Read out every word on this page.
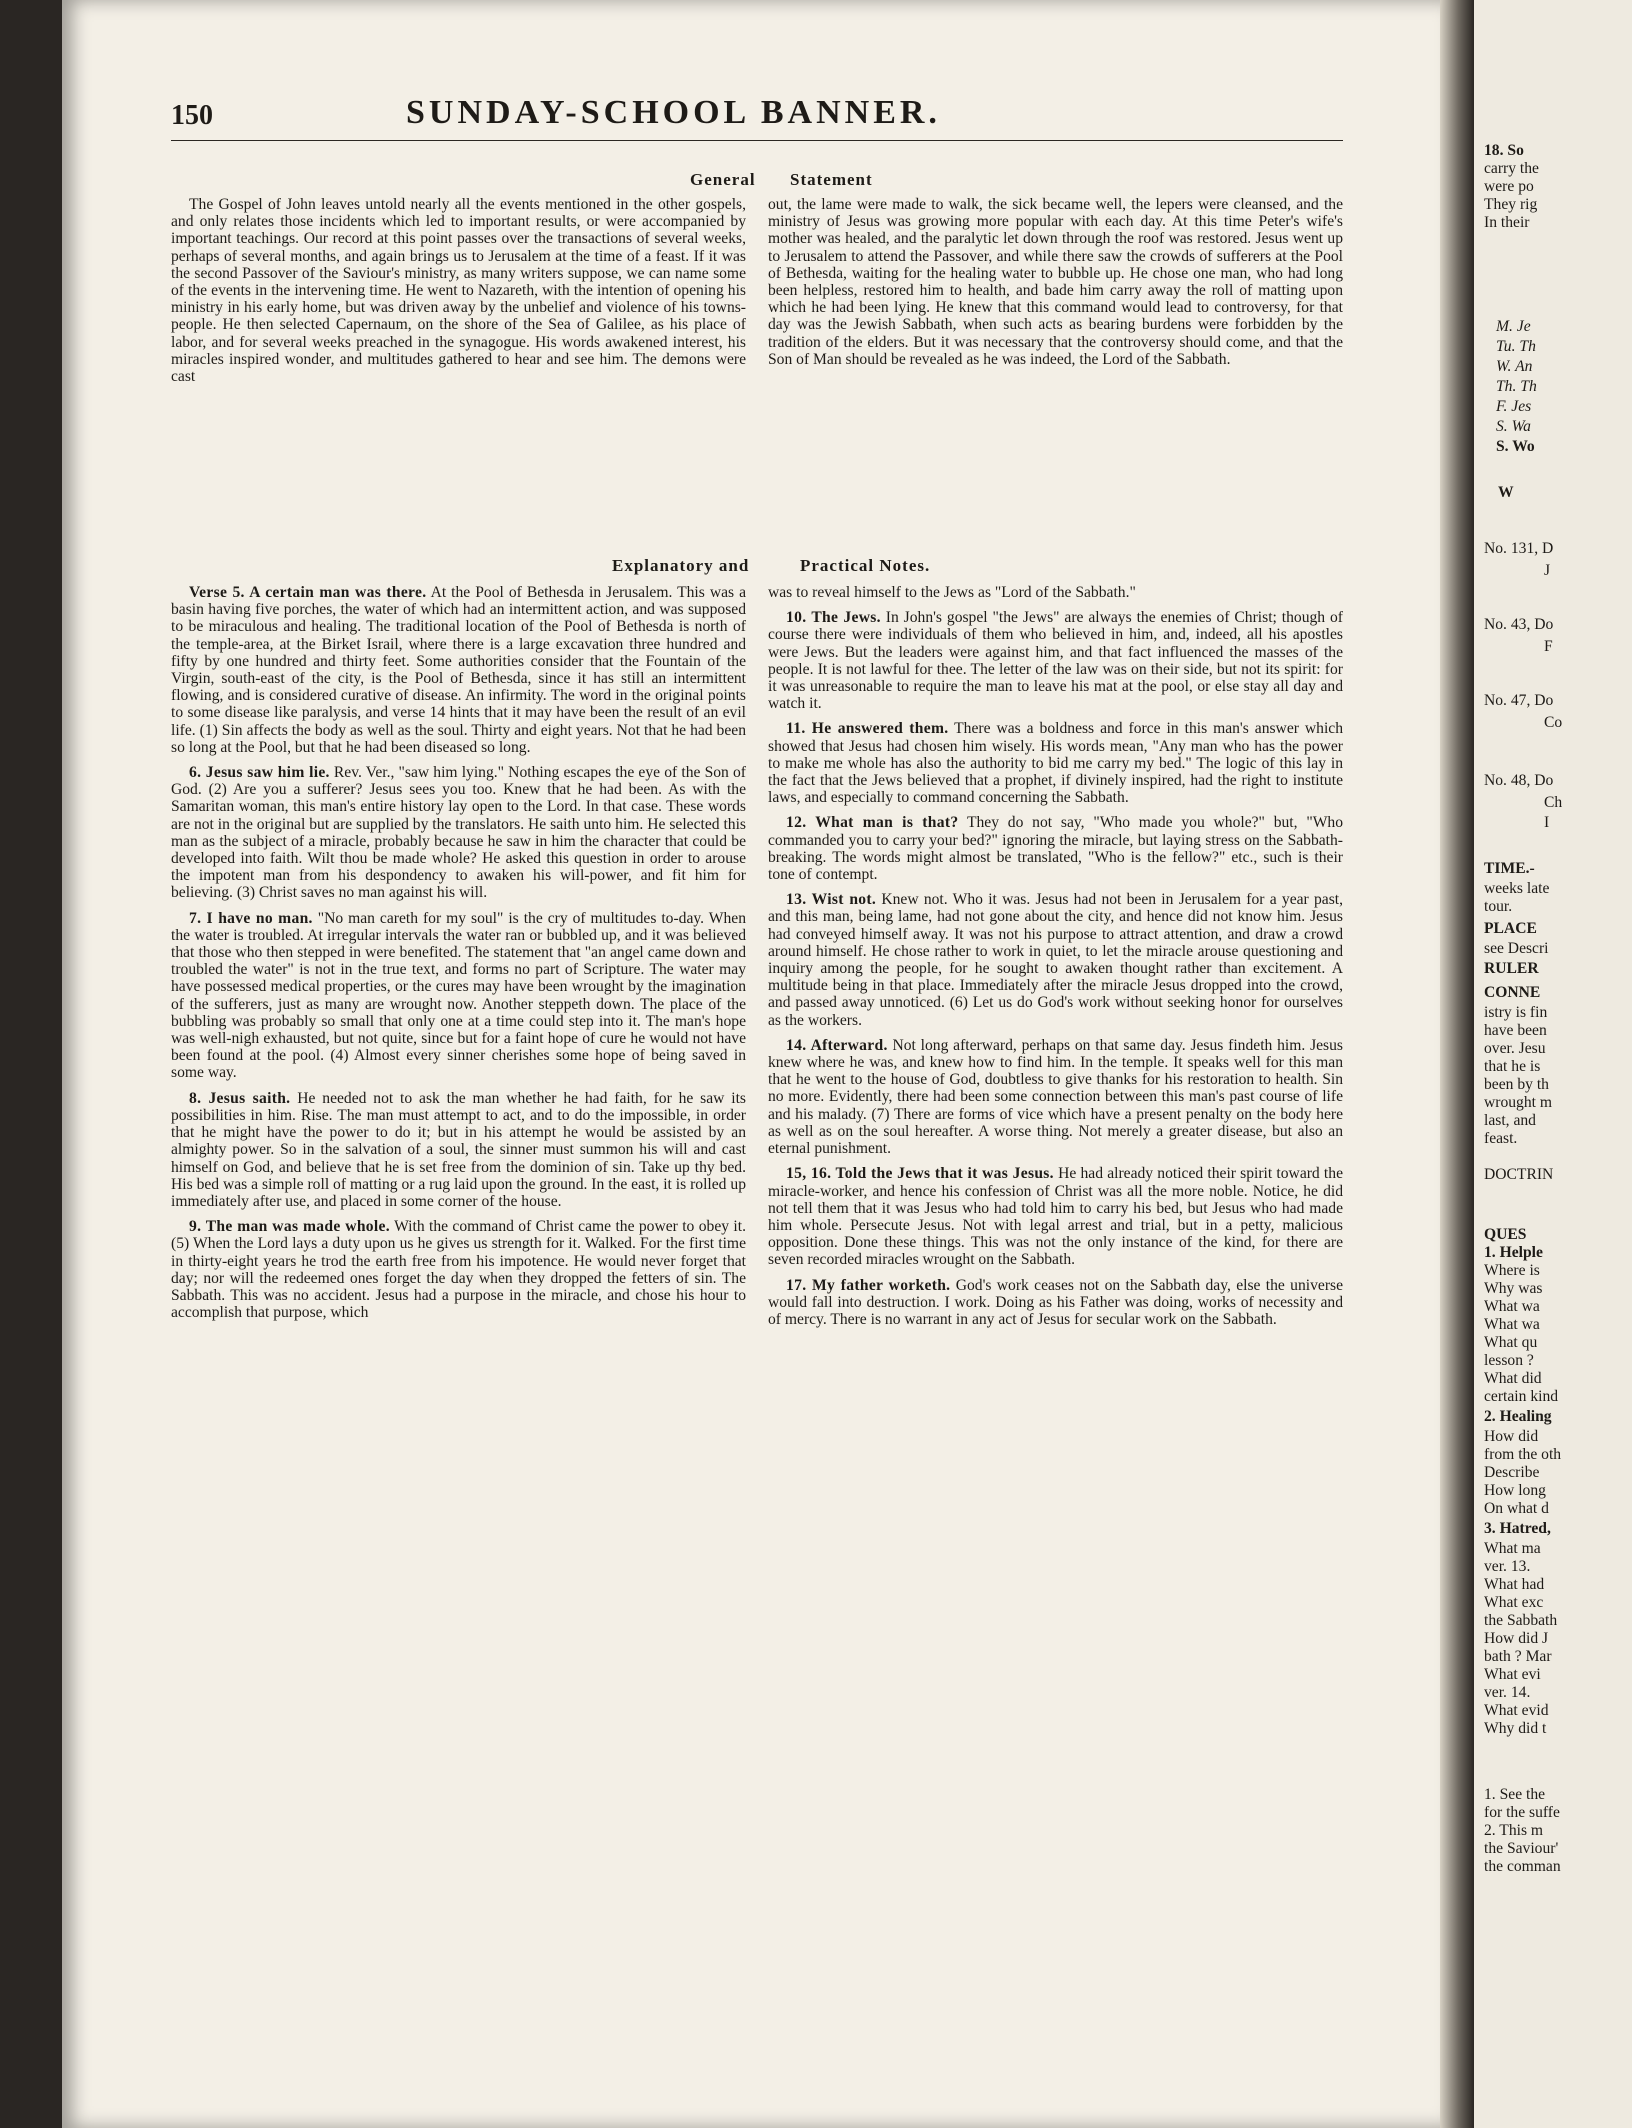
150	SUNDAY-SCHOOL BANNER.
General Statement

The Gospel of John leaves untold nearly all the events mentioned in the other gospels, and only relates those incidents which led to important results, or were accompanied by important teachings. Our record at this point passes over the transactions of several weeks, perhaps of several months, and again brings us to Jerusalem at the time of a feast. If it was the second Passover of the Saviour's ministry, as many writers suppose, we can name some of the events in the intervening time. He went to Nazareth, with the intention of opening his ministry in his early home, but was driven away by the unbelief and violence of his towns-people. He then selected Capernaum, on the shore of the Sea of Galilee, as his place of labor, and for several weeks preached in the synagogue. His words awakened interest, his miracles inspired wonder, and multitudes gathered to hear and see him. The demons were cast

out, the lame were made to walk, the sick became well, the lepers were cleansed, and the ministry of Jesus was growing more popular with each day. At this time Peter's wife's mother was healed, and the paralytic let down through the roof was restored. Jesus went up to Jerusalem to attend the Passover, and while there saw the crowds of sufferers at the Pool of Bethesda, waiting for the healing water to bubble up. He chose one man, who had long been helpless, restored him to health, and bade him carry away the roll of matting upon which he had been lying. He knew that this command would lead to controversy, for that day was the Jewish Sabbath, when such acts as bearing burdens were forbidden by the tradition of the elders. But it was necessary that the controversy should come, and that the Son of Man should be revealed as he was indeed, the Lord of the Sabbath.

Explanatory and	Practical Notes.

Verse 5. A certain man was there. At the Pool of Bethesda in Jerusalem. This was a basin having five porches, the water of which had an intermittent action, and was supposed to be miraculous and healing. The traditional location of the Pool of Bethesda is north of the temple-area, at the Birket Israil, where there is a large excavation three hundred and fifty by one hundred and thirty feet. Some authorities consider that the Fountain of the Virgin, south-east of the city, is the Pool of Bethesda, since it has still an intermittent flowing, and is considered curative of disease. An infirmity. The word in the original points to some disease like paralysis, and verse 14 hints that it may have been the result of an evil life. (1) Sin affects the body as well as the soul. Thirty and eight years. Not that he had been so long at the Pool, but that he had been diseased so long.

6. Jesus saw him lie. Rev. Ver., "saw him lying." Nothing escapes the eye of the Son of God. (2) Are you a sufferer? Jesus sees you too. Knew that he had been. As with the Samaritan woman, this man's entire history lay open to the Lord. In that case. These words are not in the original but are supplied by the translators. He saith unto him. He selected this man as the subject of a miracle, probably because he saw in him the character that could be developed into faith. Wilt thou be made whole? He asked this question in order to arouse the impotent man from his despondency to awaken his will-power, and fit him for believing. (3) Christ saves no man against his will.

7. I have no man. "No man careth for my soul" is the cry of multitudes to-day. When the water is troubled. At irregular intervals the water ran or bubbled up, and it was believed that those who then stepped in were benefited. The statement that "an angel came down and troubled the water" is not in the true text, and forms no part of Scripture. The water may have possessed medical properties, or the cures may have been wrought by the imagination of the sufferers, just as many are wrought now. Another steppeth down. The place of the bubbling was probably so small that only one at a time could step into it. The man's hope was well-nigh exhausted, but not quite, since but for a faint hope of cure he would not have been found at the pool. (4) Almost every sinner cherishes some hope of being saved in some way.

8. Jesus saith. He needed not to ask the man whether he had faith, for he saw its possibilities in him. Rise. The man must attempt to act, and to do the impossible, in order that he might have the power to do it; but in his attempt he would be assisted by an almighty power. So in the salvation of a soul, the sinner must summon his will and cast himself on God, and believe that he is set free from the dominion of sin. Take up thy bed. His bed was a simple roll of matting or a rug laid upon the ground. In the east, it is rolled up immediately after use, and placed in some corner of the house.

9. The man was made whole. With the command of Christ came the power to obey it. (5) When the Lord lays a duty upon us he gives us strength for it. Walked. For the first time in thirty-eight years he trod the earth free from his impotence. He would never forget that day; nor will the redeemed ones forget the day when they dropped the fetters of sin. The Sabbath. This was no accident. Jesus had a purpose in the miracle, and chose his hour to accomplish that purpose, which

was to reveal himself to the Jews as "Lord of the Sabbath."

10. The Jews. In John's gospel "the Jews" are always the enemies of Christ; though of course there were individuals of them who believed in him, and, indeed, all his apostles were Jews. But the leaders were against him, and that fact influenced the masses of the people. It is not lawful for thee. The letter of the law was on their side, but not its spirit: for it was unreasonable to require the man to leave his mat at the pool, or else stay all day and watch it.

11. He answered them. There was a boldness and force in this man's answer which showed that Jesus had chosen him wisely. His words mean, "Any man who has the power to make me whole has also the authority to bid me carry my bed." The logic of this lay in the fact that the Jews believed that a prophet, if divinely inspired, had the right to institute laws, and especially to command concerning the Sabbath.

12. What man is that? They do not say, "Who made you whole?" but, "Who commanded you to carry your bed?" ignoring the miracle, but laying stress on the Sabbath-breaking. The words might almost be translated, "Who is the fellow?" etc., such is their tone of contempt.

13. Wist not. Knew not. Who it was. Jesus had not been in Jerusalem for a year past, and this man, being lame, had not gone about the city, and hence did not know him. Jesus had conveyed himself away. It was not his purpose to attract attention, and draw a crowd around himself. He chose rather to work in quiet, to let the miracle arouse questioning and inquiry among the people, for he sought to awaken thought rather than excitement. A multitude being in that place. Immediately after the miracle Jesus dropped into the crowd, and passed away unnoticed. (6) Let us do God's work without seeking honor for ourselves as the workers.

14. Afterward. Not long afterward, perhaps on that same day. Jesus findeth him. Jesus knew where he was, and knew how to find him. In the temple. It speaks well for this man that he went to the house of God, doubtless to give thanks for his restoration to health. Sin no more. Evidently, there had been some connection between this man's past course of life and his malady. (7) There are forms of vice which have a present penalty on the body here as well as on the soul hereafter. A worse thing. Not merely a greater disease, but also an eternal punishment.

15, 16. Told the Jews that it was Jesus. He had already noticed their spirit toward the miracle-worker, and hence his confession of Christ was all the more noble. Notice, he did not tell them that it was Jesus who had told him to carry his bed, but Jesus who had made him whole. Persecute Jesus. Not with legal arrest and trial, but in a petty, malicious opposition. Done these things. This was not the only instance of the kind, for there are seven recorded miracles wrought on the Sabbath.

17. My father worketh. God's work ceases not on the Sabbath day, else the universe would fall into destruction. I work. Doing as his Father was doing, works of necessity and of mercy. There is no warrant in any act of Jesus for secular work on the Sabbath.

18. So
carry the
were po
They rig
In their
M. Je
Tu. Th
W. An
Th. Th
F. Jes
S. Wa
S. Wo
W
No. 131, D
J
No. 43, Do
F
No. 47, Do
Co
No. 48, Do
Ch
I
TIME.-
weeks late
tour.
PLACE
see Descri
RULER
CONNE
istry is fin
have been
over. Jesu
that he is
been by th
wrought m
last, and
feast.
DOCTRIN
QUES
1. Helple
Where is
Why was
What wa
What wa
What qu
lesson ?
What did
certain kind
2. Healing
How did
from the oth
Describe
How long
On what d
3. Hatred,
What ma
ver. 13.
What had
What exc
the Sabbath
How did J
bath ? Mar
What evi
ver. 14.
What evid
Why did t
1. See the
for the suffe
2. This m
the Saviour'
the comman
